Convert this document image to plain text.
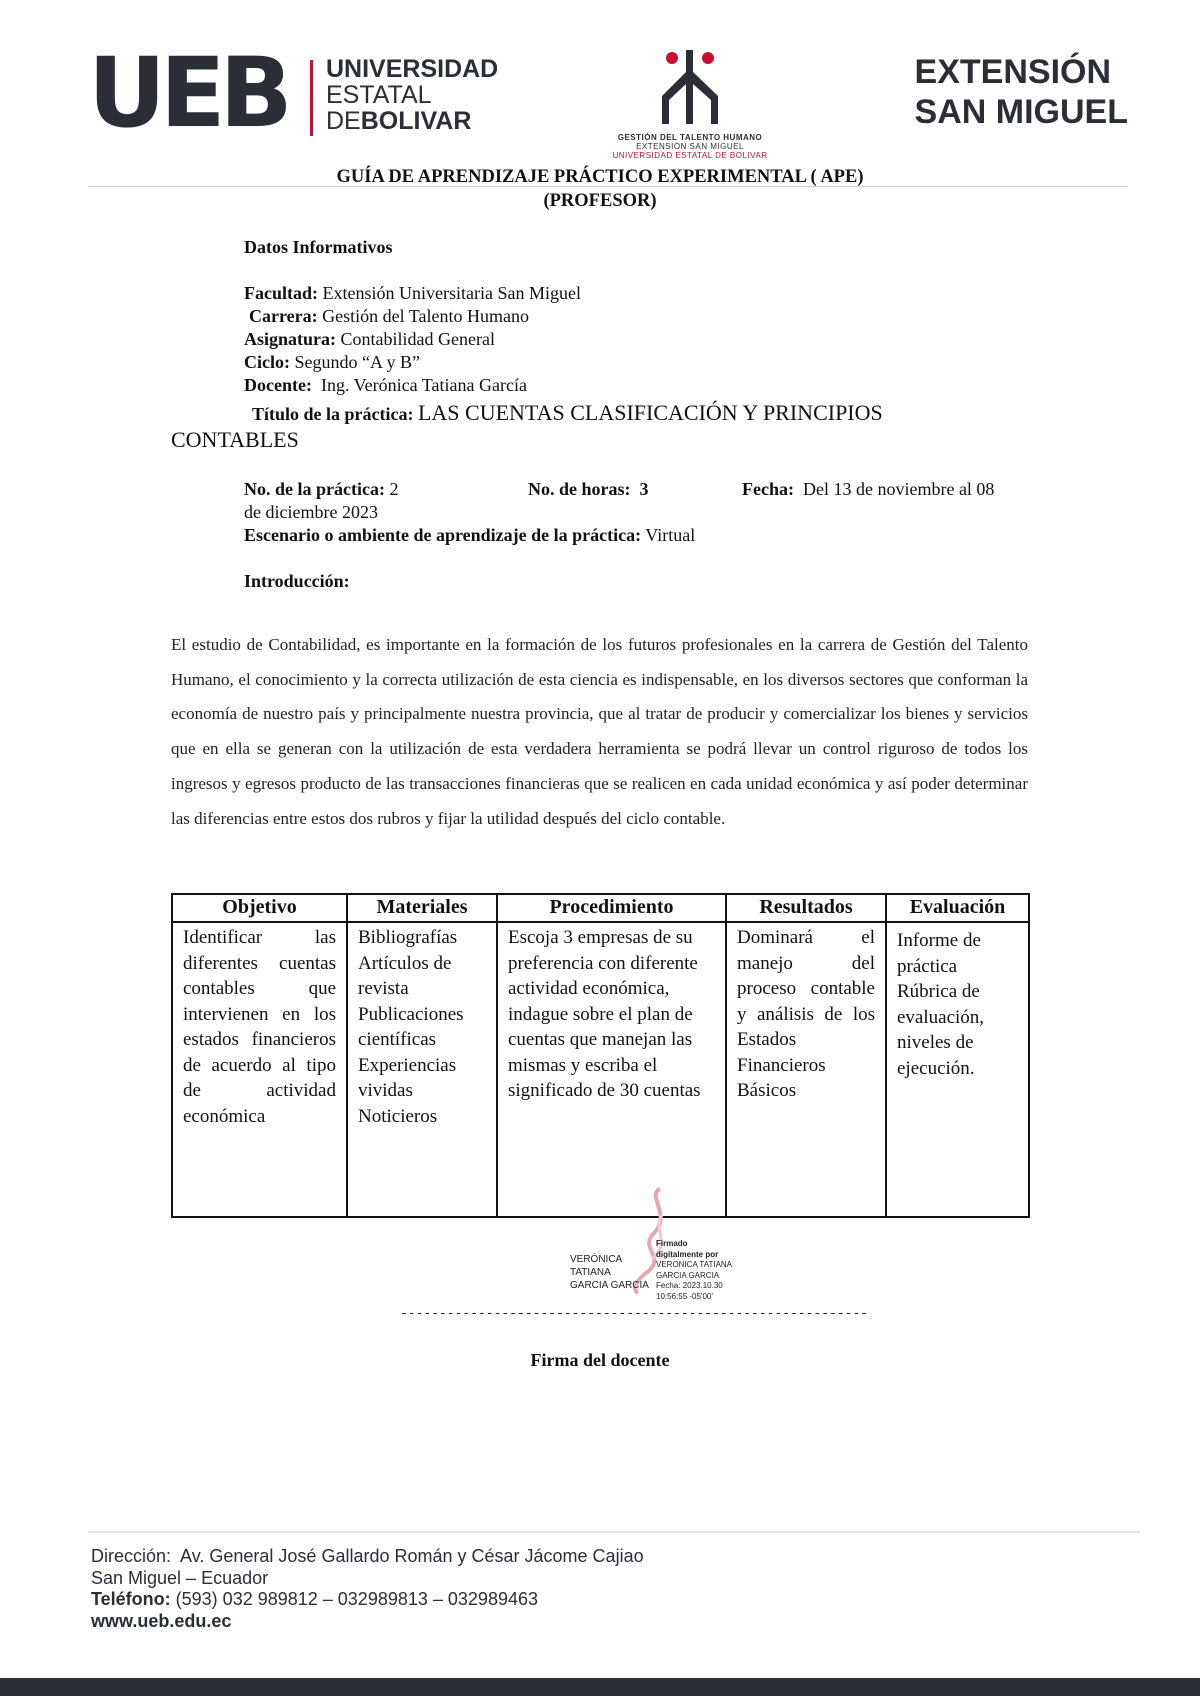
UEB UNIVERSIDAD
ESTATAL
DEBOLIVAR
GESTIÓN DEL TALENTO HUMANO
EXTENSIÓN SAN MIGUEL
UNIVERSIDAD ESTATAL DE BOLIVAR
EXTENSIÓN
SAN MIGUEL
GUÍA DE APRENDIZAJE PRÁCTICO EXPERIMENTAL ( APE)
(PROFESOR)
Datos Informativos
Facultad: Extensión Universitaria San Miguel
Carrera: Gestión del Talento Humano
Asignatura: Contabilidad General
Ciclo: Segundo “A y B”
Docente:  Ing. Verónica Tatiana García
Título de la práctica: LAS CUENTAS CLASIFICACIÓN Y PRINCIPIOS
CONTABLES
No. de la práctica: 2	No. de horas: 3	Fecha: Del 13 de noviembre al 08
de diciembre 2023
Escenario o ambiente de aprendizaje de la práctica: Virtual
Introducción:
El estudio de Contabilidad, es importante en la formación de los futuros profesionales en la carrera de Gestión del Talento Humano, el conocimiento y la correcta utilización de esta ciencia es indispensable, en los diversos sectores que conforman la economía de nuestro país y principalmente nuestra provincia, que al tratar de producir y comercializar los bienes y servicios que en ella se generan con la utilización de esta verdadera herramienta se podrá llevar un control riguroso de todos los ingresos y egresos producto de las transacciones financieras que se realicen en cada unidad económica y así poder determinar las diferencias entre estos dos rubros y fijar la utilidad después del ciclo contable.
Objetivo	Materiales	Procedimiento	Resultados	Evaluación
Identificar las diferentes cuentas contables que intervienen en los estados financieros de acuerdo al tipo de actividad económica	Bibliografías
Artículos de revista
Publicaciones científicas
Experiencias vividas
Noticieros	Escoja 3 empresas de su preferencia con diferente actividad económica, indague sobre el plan de cuentas que manejan las mismas y escriba el significado de 30 cuentas	Dominará el manejo del proceso contable y análisis de los Estados Financieros Básicos	Informe de práctica
Rúbrica de evaluación, niveles de ejecución.
VERÓNICA
TATIANA
GARCIA GARCIA
Firmado
digitalmente por
VERONICA TATIANA
GARCIA GARCIA
Fecha: 2023.10.30
10:56:55 -05'00'
------------------------------------------------------------
Firma del docente
Dirección:  Av. General José Gallardo Román y César Jácome Cajiao
San Miguel – Ecuador
Teléfono: (593) 032 989812 – 032989813 – 032989463
www.ueb.edu.ec
